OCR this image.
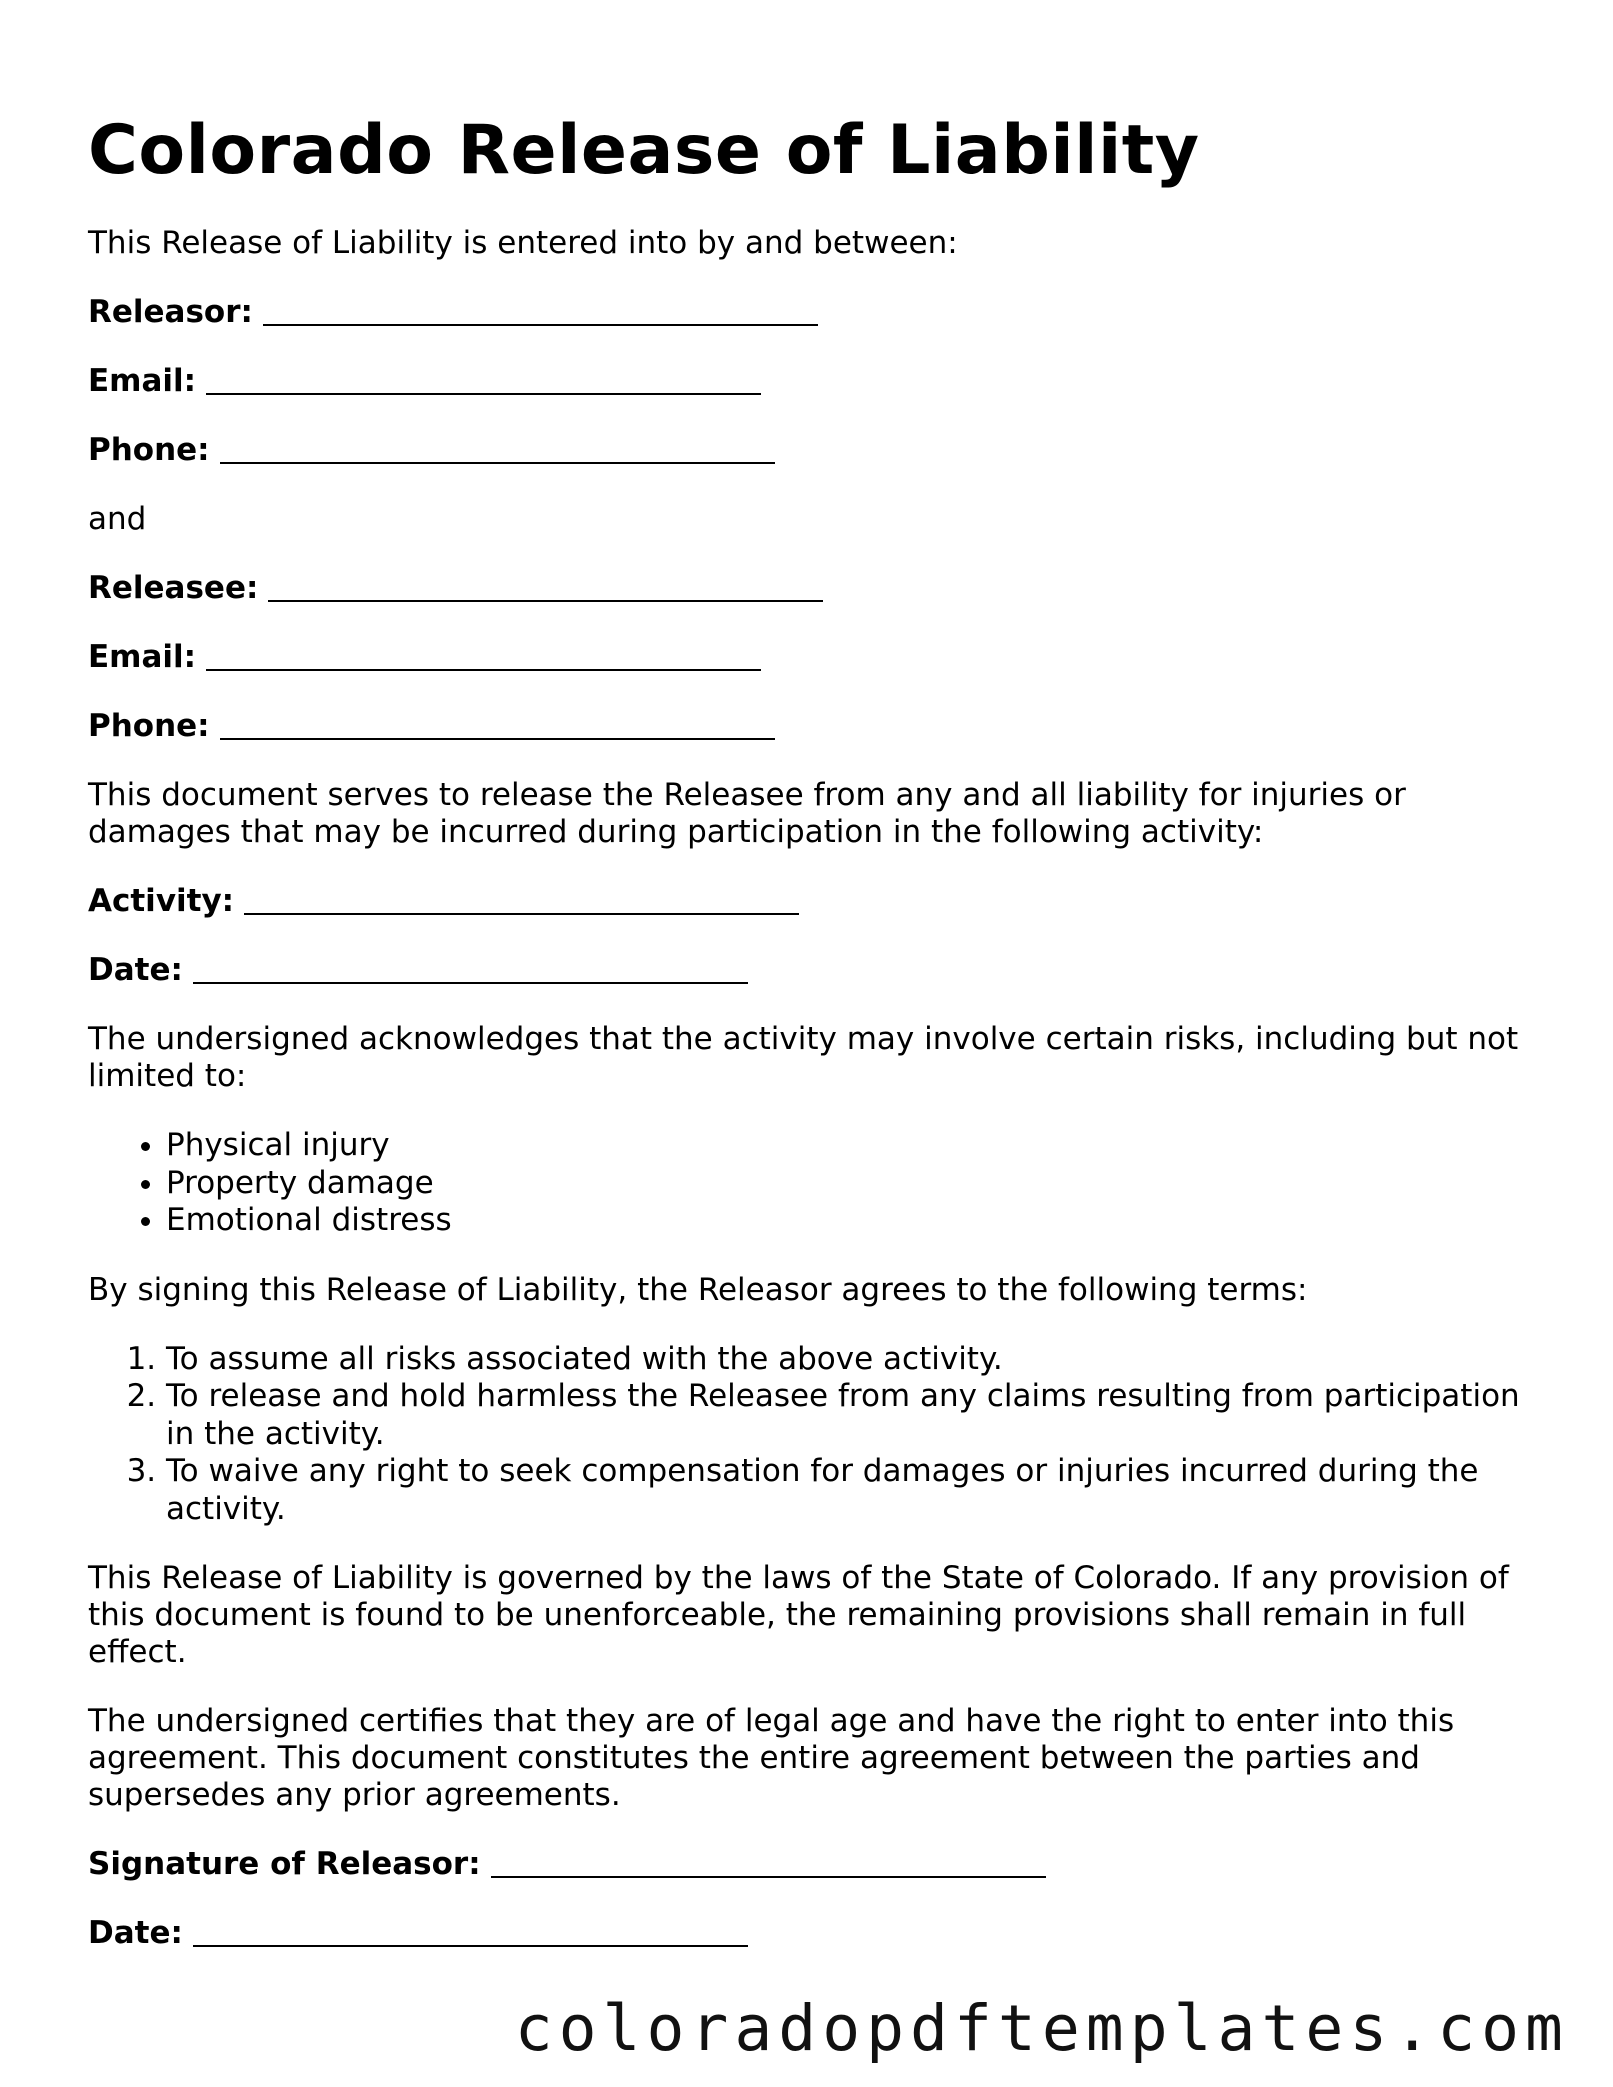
Colorado Release of Liability

This Release of Liability is entered into by and between:

Releasor:

Email:

Phone:

and

Releasee:

Email:

Phone:

This document serves to release the Releasee from any and all liability for injuries or damages that may be incurred during participation in the following activity:

Activity:

Date:

The undersigned acknowledges that the activity may involve certain risks, including but not limited to:

• Physical injury
• Property damage
• Emotional distress

By signing this Release of Liability, the Releasor agrees to the following terms:

1. To assume all risks associated with the above activity.
2. To release and hold harmless the Releasee from any claims resulting from participation in the activity.
3. To waive any right to seek compensation for damages or injuries incurred during the activity.

This Release of Liability is governed by the laws of the State of Colorado. If any provision of this document is found to be unenforceable, the remaining provisions shall remain in full effect.

The undersigned certifies that they are of legal age and have the right to enter into this agreement. This document constitutes the entire agreement between the parties and supersedes any prior agreements.

Signature of Releasor:

Date:

coloradopdftemplates.com
